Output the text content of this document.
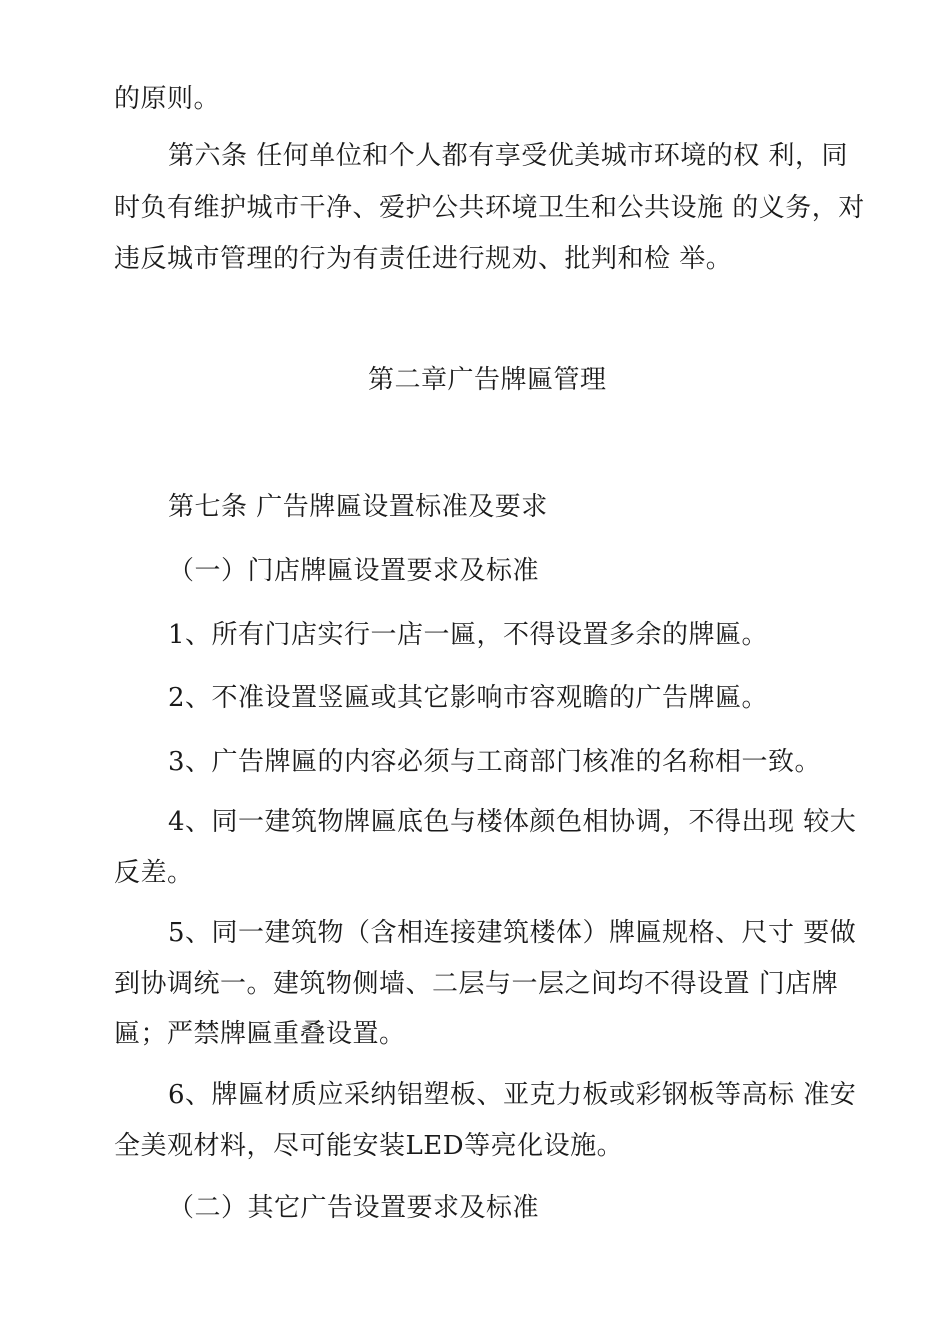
的原则。
第六条 任何单位和个人都有享受优美城市环境的权 利，同
时负有维护城市干净、爱护公共环境卫生和公共设施 的义务，对
违反城市管理的行为有责任进行规劝、批判和检 举。
第二章广告牌匾管理
第七条 广告牌匾设置标准及要求
（一）门店牌匾设置要求及标准
1、所有门店实行一店一匾，不得设置多余的牌匾。
2、不准设置竖匾或其它影响市容观瞻的广告牌匾。
3、广告牌匾的内容必须与工商部门核准的名称相一致。
4、同一建筑物牌匾底色与楼体颜色相协调，不得出现 较大
反差。
5、同一建筑物（含相连接建筑楼体）牌匾规格、尺寸 要做
到协调统一。建筑物侧墙、二层与一层之间均不得设置 门店牌
匾；严禁牌匾重叠设置。
6、牌匾材质应采纳铝塑板、亚克力板或彩钢板等高标 准安
全美观材料，尽可能安装LED等亮化设施。
（二）其它广告设置要求及标准
